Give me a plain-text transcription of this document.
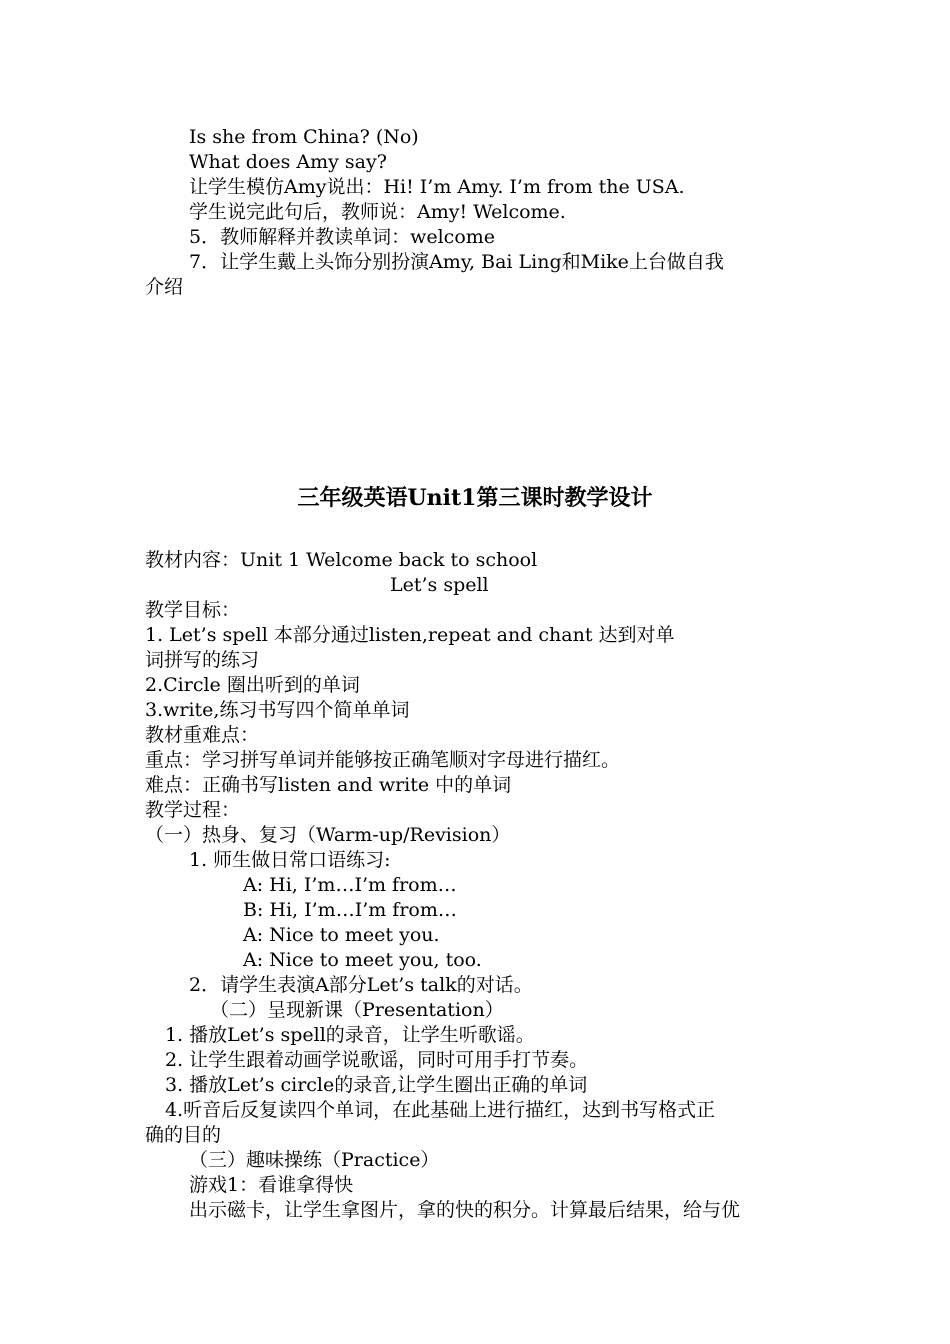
Is she from China? (No)
What does Amy say?
让学生模仿Amy说出：Hi! I’m Amy. I’m from the USA.
学生说完此句后，教师说：Amy! Welcome.
5．教师解释并教读单词：welcome
7．让学生戴上头饰分别扮演Amy, Bai Ling和Mike上台做自我
介绍
三年级英语Unit1第三课时教学设计
教材内容：Unit 1 Welcome back to school
Let’s spell
教学目标：
1. Let’s spell 本部分通过listen,repeat and chant 达到对单
词拼写的练习
2.Circle 圈出听到的单词
3.write,练习书写四个简单单词
教材重难点：
重点：学习拼写单词并能够按正确笔顺对字母进行描红。
难点：正确书写listen and write 中的单词
教学过程：
（一）热身、复习（Warm-up/Revision）
1. 师生做日常口语练习:
A: Hi, I’m…I’m from…
B: Hi, I’m…I’m from…
A: Nice to meet you.
A: Nice to meet you, too.
2．请学生表演A部分Let’s talk的对话。
（二）呈现新课（Presentation）
1. 播放Let’s spell的录音，让学生听歌谣。
2. 让学生跟着动画学说歌谣，同时可用手打节奏。
3. 播放Let’s circle的录音,让学生圈出正确的单词
4.听音后反复读四个单词，在此基础上进行描红，达到书写格式正
确的目的
（三）趣味操练（Practice）
游戏1：看谁拿得快
出示磁卡，让学生拿图片，拿的快的积分。计算最后结果，给与优
